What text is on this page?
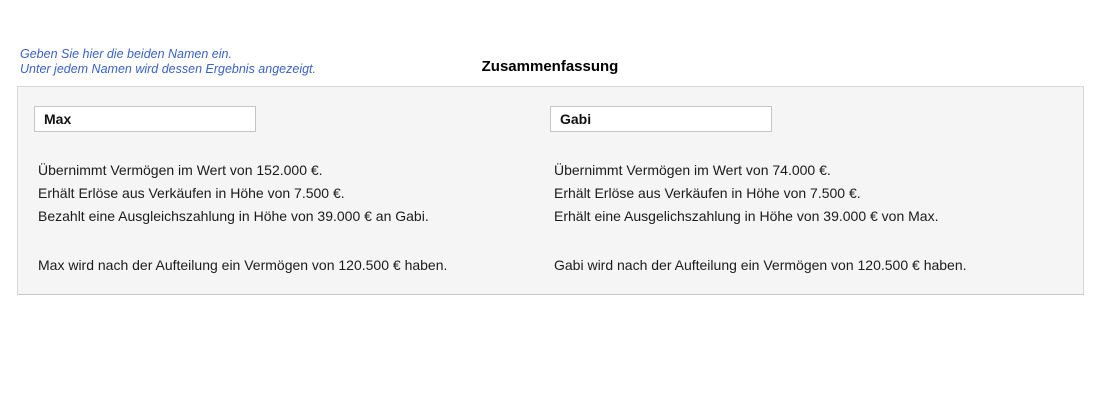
Geben Sie hier die beiden Namen ein.
Unter jedem Namen wird dessen Ergebnis angezeigt.	Zusammenfassung
Max
Übernimmt Vermögen im Wert von 152.000 €.
Erhält Erlöse aus Verkäufen in Höhe von 7.500 €.
Bezahlt eine Ausgleichszahlung in Höhe von 39.000 € an Gabi.
Max wird nach der Aufteilung ein Vermögen von 120.500 € haben.
Gabi
Übernimmt Vermögen im Wert von 74.000 €.
Erhält Erlöse aus Verkäufen in Höhe von 7.500 €.
Erhält eine Ausgelichszahlung in Höhe von 39.000 € von Max.
Gabi wird nach der Aufteilung ein Vermögen von 120.500 € haben.
